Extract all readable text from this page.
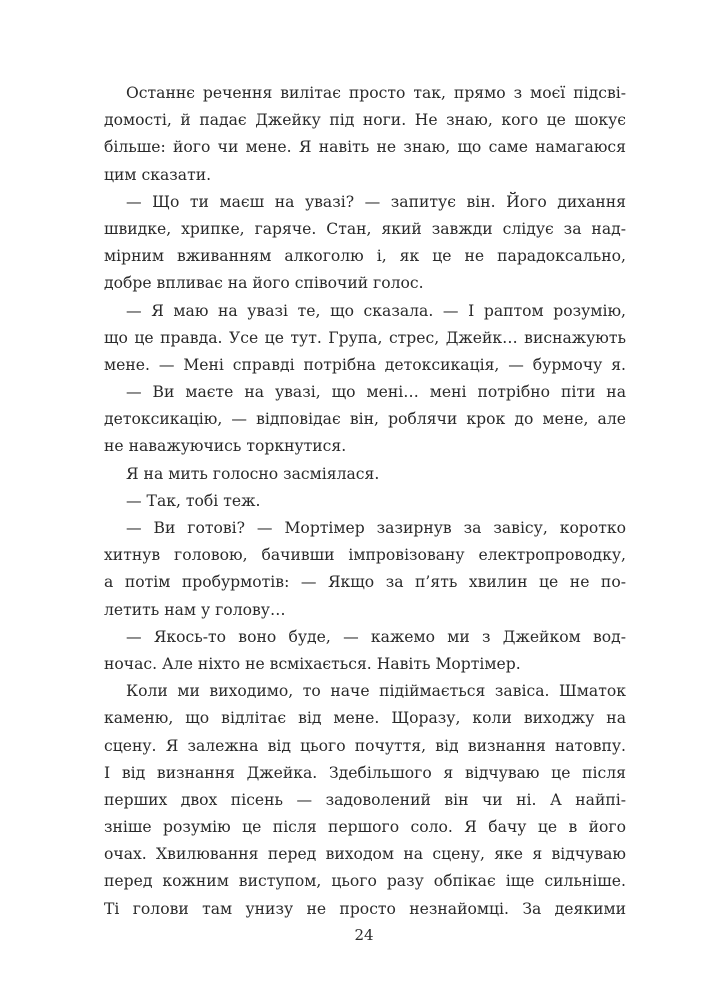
Останнє речення вилітає просто так, прямо з моєї підсві-
домості, й падає Джейку під ноги. Не знаю, кого це шокує
більше: його чи мене. Я навіть не знаю, що саме намагаюся
цим сказати.
— Що ти маєш на увазі? — запитує він. Його дихання
швидке, хрипке, гаряче. Стан, який завжди слідує за над-
мірним вживанням алкоголю і, як це не парадоксально,
добре впливає на його співочий голос.
— Я маю на увазі те, що сказала. — І раптом розумію,
що це правда. Усе це тут. Група, стрес, Джейк… виснажують
мене. — Мені справді потрібна детоксикація, — бурмочу я.
— Ви маєте на увазі, що мені… мені потрібно піти на
детоксикацію, — відповідає він, роблячи крок до мене, але
не наважуючись торкнутися.
Я на мить голосно засміялася.
— Так, тобі теж.
— Ви готові? — Мортімер зазирнув за завісу, коротко
хитнув головою, бачивши імпровізовану електропроводку,
а потім пробурмотів: — Якщо за п’ять хвилин це не по-
летить нам у голову…
— Якось-то воно буде, — кажемо ми з Джейком вод-
ночас. Але ніхто не всміхається. Навіть Мортімер.
Коли ми виходимо, то наче підіймається завіса. Шматок
каменю, що відлітає від мене. Щоразу, коли виходжу на
сцену. Я залежна від цього почуття, від визнання натовпу.
І від визнання Джейка. Здебільшого я відчуваю це після
перших двох пісень — задоволений він чи ні. А найпі-
зніше розумію це після першого соло. Я бачу це в його
очах. Хвилювання перед виходом на сцену, яке я відчуваю
перед кожним виступом, цього разу обпікає іще сильніше.
Ті голови там унизу не просто незнайомці. За деякими
24
